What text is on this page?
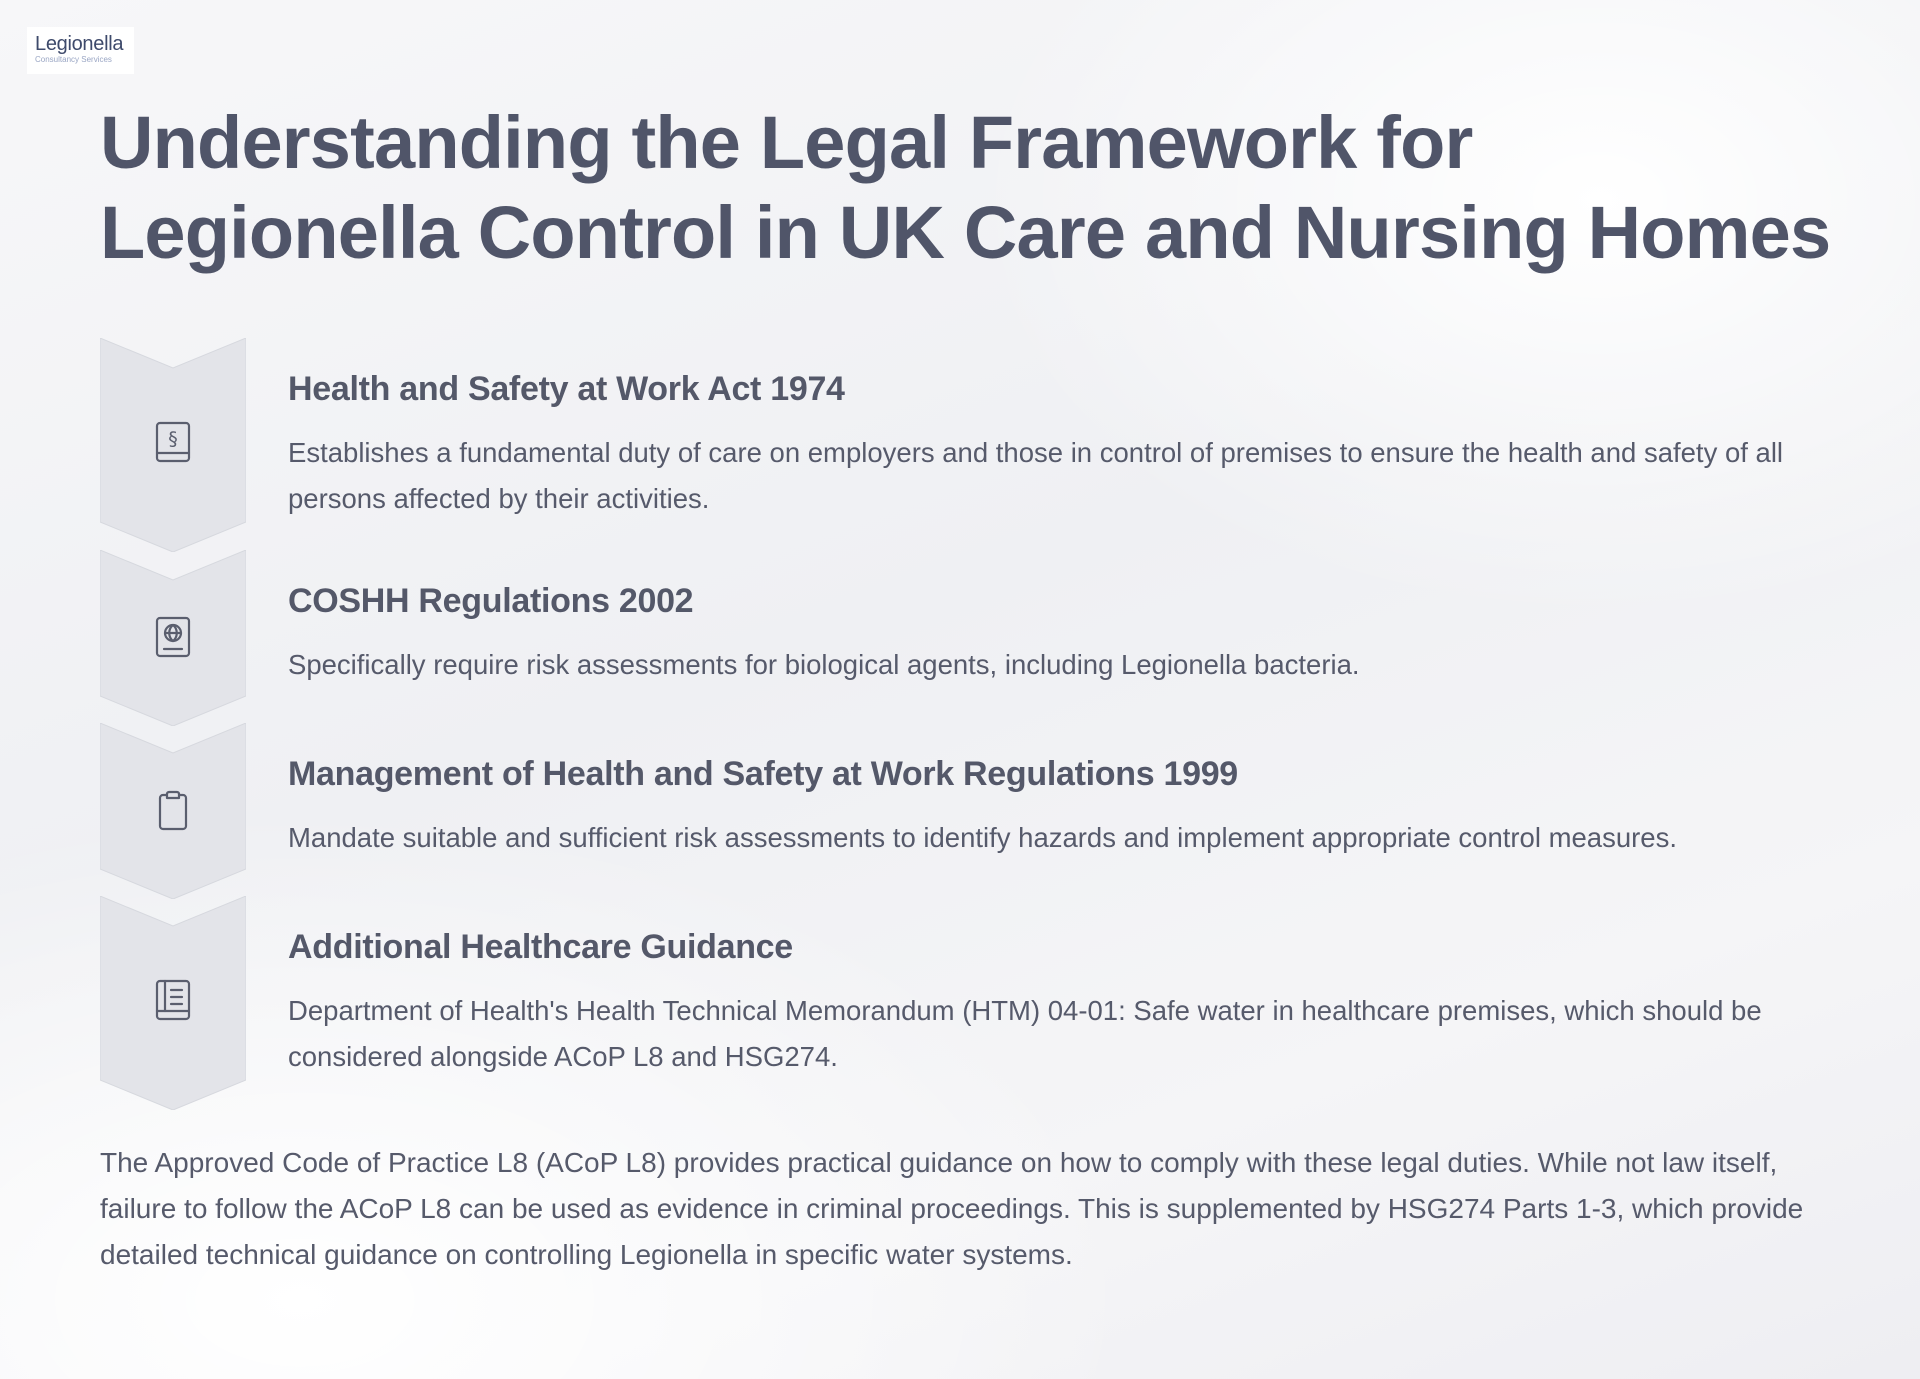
Legionella
Consultancy Services
Understanding the Legal Framework for Legionella Control in UK Care and Nursing Homes
§
Health and Safety at Work Act 1974

Establishes a fundamental duty of care on employers and those in control of premises to ensure the health and safety of all persons affected by their activities.

COSHH Regulations 2002

Specifically require risk assessments for biological agents, including Legionella bacteria.

Management of Health and Safety at Work Regulations 1999

Mandate suitable and sufficient risk assessments to identify hazards and implement appropriate control measures.

Additional Healthcare Guidance

Department of Health's Health Technical Memorandum (HTM) 04-01: Safe water in healthcare premises, which should be considered alongside ACoP L8 and HSG274.

The Approved Code of Practice L8 (ACoP L8) provides practical guidance on how to comply with these legal duties. While not law itself, failure to follow the ACoP L8 can be used as evidence in criminal proceedings. This is supplemented by HSG274 Parts 1-3, which provide detailed technical guidance on controlling Legionella in specific water systems.
